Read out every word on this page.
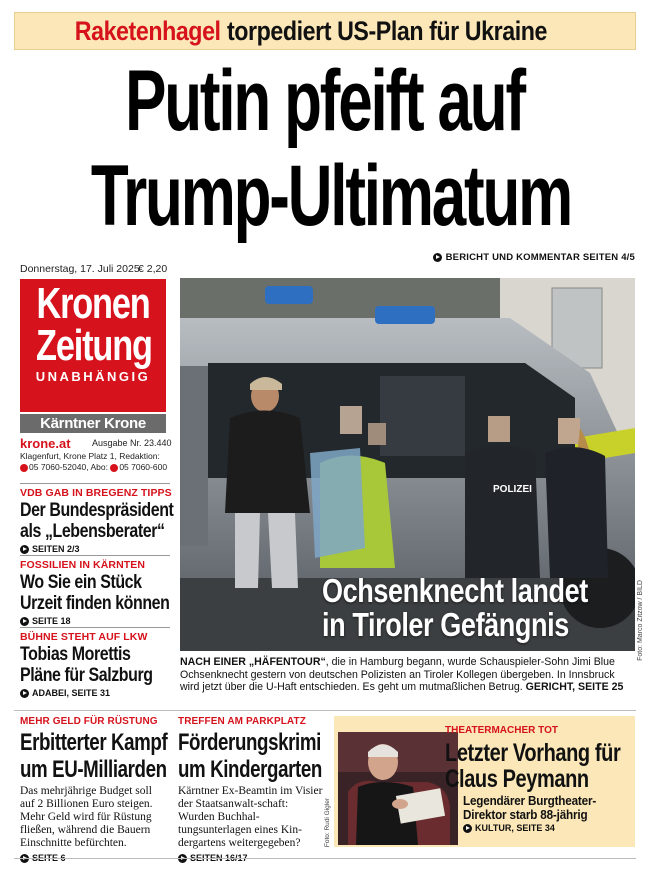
Raketenhagel torpediert US-Plan für Ukraine
Putin pfeift auf
Trump-Ultimatum
BERICHT UND KOMMENTAR SEITEN 4/5
Donnerstag, 17. Juli 2025
€ 2,20
Kronen
Zeitung
UNABHÄNGIG
Kärntner Krone
krone.at Ausgabe Nr. 23.440
Klagenfurt, Krone Platz 1, Redaktion:
05 7060-52040, Abo: 05 7060-600
VDB GAB IN BREGENZ TIPPS
Der Bundespräsident
als „Lebensberater“
SEITEN 2/3
FOSSILIEN IN KÄRNTEN
Wo Sie ein Stück
Urzeit finden können
SEITE 18
BÜHNE STEHT AUF LKW
Tobias Morettis
Pläne für Salzburg
ADABEI, SEITE 31
POLIZEI
Foto: Marco Zitzow / BILD
Ochsenknecht landet
in Tiroler Gefängnis
NACH EINER „HÄFENTOUR“, die in Hamburg begann, wurde Schauspieler-Sohn Jimi Blue Ochsenknecht gestern von deutschen Polizisten an Tiroler Kollegen übergeben. In Innsbruck wird jetzt über die U-Haft entschieden. Es geht um mutmaßlichen Betrug. GERICHT, SEITE 25
MEHR GELD FÜR RÜSTUNG
Erbitterter Kampf
um EU-Milliarden
Das mehrjährige Budget soll auf 2 Billionen Euro steigen. Mehr Geld wird für Rüstung fließen, während die Bauern Einschnitte befürchten.
SEITE 6
TREFFEN AM PARKPLATZ
Förderungskrimi
um Kindergarten
Kärntner Ex-Beamtin im Visier der Staatsanwalt-schaft: Wurden Buchhal-tungsunterlagen eines Kin-dergartens weitergegeben?
SEITEN 16/17
Foto: Rudi Gigler
THEATERMACHER TOT
Letzter Vorhang für
Claus Peymann
Legendärer Burgtheater-
Direktor starb 88-jährig
KULTUR, SEITE 34
